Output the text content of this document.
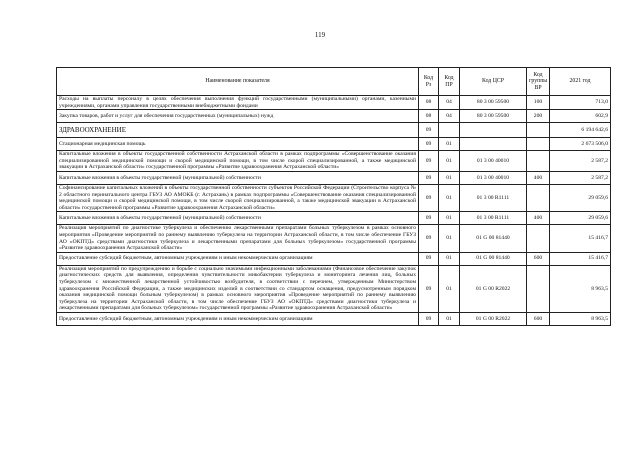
119
Наименование показателя	Код Рз	Код ПР	Код ЦСР	Код группы ВР	2021 год
Расходы на выплаты персоналу в целях обеспечения выполнения функций государственными (муниципальными) органами, казенными учреждениями, органами управления государственными внебюджетными фондами	08	04	80 3 00 59500	100	713,0
Закупка товаров, работ и услуг для обеспечения государственных (муниципальных) нужд	08	04	80 3 00 59500	200	602,9
ЗДРАВООХРАНЕНИЕ	09				6 194 642,6
Стационарная медицинская помощь	09	01			2 673 506,0
Капитальные вложения в объекты государственной собственности Астраханской области в рамках подпрограммы «Совершенствование оказания специализированной медицинской помощи и скорой медицинской помощи, в том числе скорой специализированной, а также медицинской эвакуации в Астраханской области» государственной программы «Развитие здравоохранения Астраханской области»	09	01	01 3 00 40010		2 587,2
Капитальные вложения в объекты государственной (муниципальной) собственности	09	01	01 3 00 40010	400	2 587,2
Софинансирование капитальных вложений в объекты государственной собственности субъектов Российской Федерации (Строительство корпуса № 2 областного перинатального центра ГБУЗ АО АМОКБ (г. Астрахань) в рамках подпрограммы «Совершенствование оказания специализированной медицинской помощи и скорой медицинской помощи, в том числе скорой специализированной, а также медицинской эвакуации в Астраханской области» государственной программы «Развитие здравоохранения Астраханской области»	09	01	01 3 00 R1111		29 059,6
Капитальные вложения в объекты государственной (муниципальной) собственности	09	01	01 3 00 R1111	400	29 059,6
Реализация мероприятий по диагностике туберкулеза и обеспечению лекарственными препаратами больных туберкулезом в рамках основного мероприятия «Проведение мероприятий по раннему выявлению туберкулеза на территории Астраханской области, в том числе обеспечение ГБУЗ АО «ОКПТД» средствами диагностики туберкулеза и лекарственными препаратами для больных туберкулезом» государственной программы «Развитие здравоохранения Астраханской области»	09	01	01 G 00 81440		15 416,7
Предоставление субсидий бюджетным, автономным учреждениям и иным некоммерческим организациям	09	01	01 G 00 81440	600	15 416,7
Реализация мероприятий по предупреждению и борьбе с социально значимыми инфекционными заболеваниями (Финансовое обеспечение закупок диагностических средств для выявления, определения чувствительности микобактерии туберкулеза и мониторинга лечения лиц, больных туберкулезом с множественной лекарственной устойчивостью возбудителя, в соответствии с перечнем, утвержденным Министерством здравоохранения Российской Федерации, а также медицинских изделий в соответствии со стандартом оснащения, предусмотренным порядком оказания медицинской помощи больным туберкулезом) в рамках основного мероприятия «Проведение мероприятий по раннему выявлению туберкулеза на территории Астраханской области, в том числе обеспечение ГБУЗ АО «ОКПТД» средствами диагностики туберкулеза и лекарственными препаратами для больных туберкулезом» государственной программы «Развитие здравоохранения Астраханской области»	09	01	01 G 00 R2022		8 963,5
Предоставление субсидий бюджетным, автономным учреждениям и иным некоммерческим организациям	09	01	01 G 00 R2022	600	8 963,5
